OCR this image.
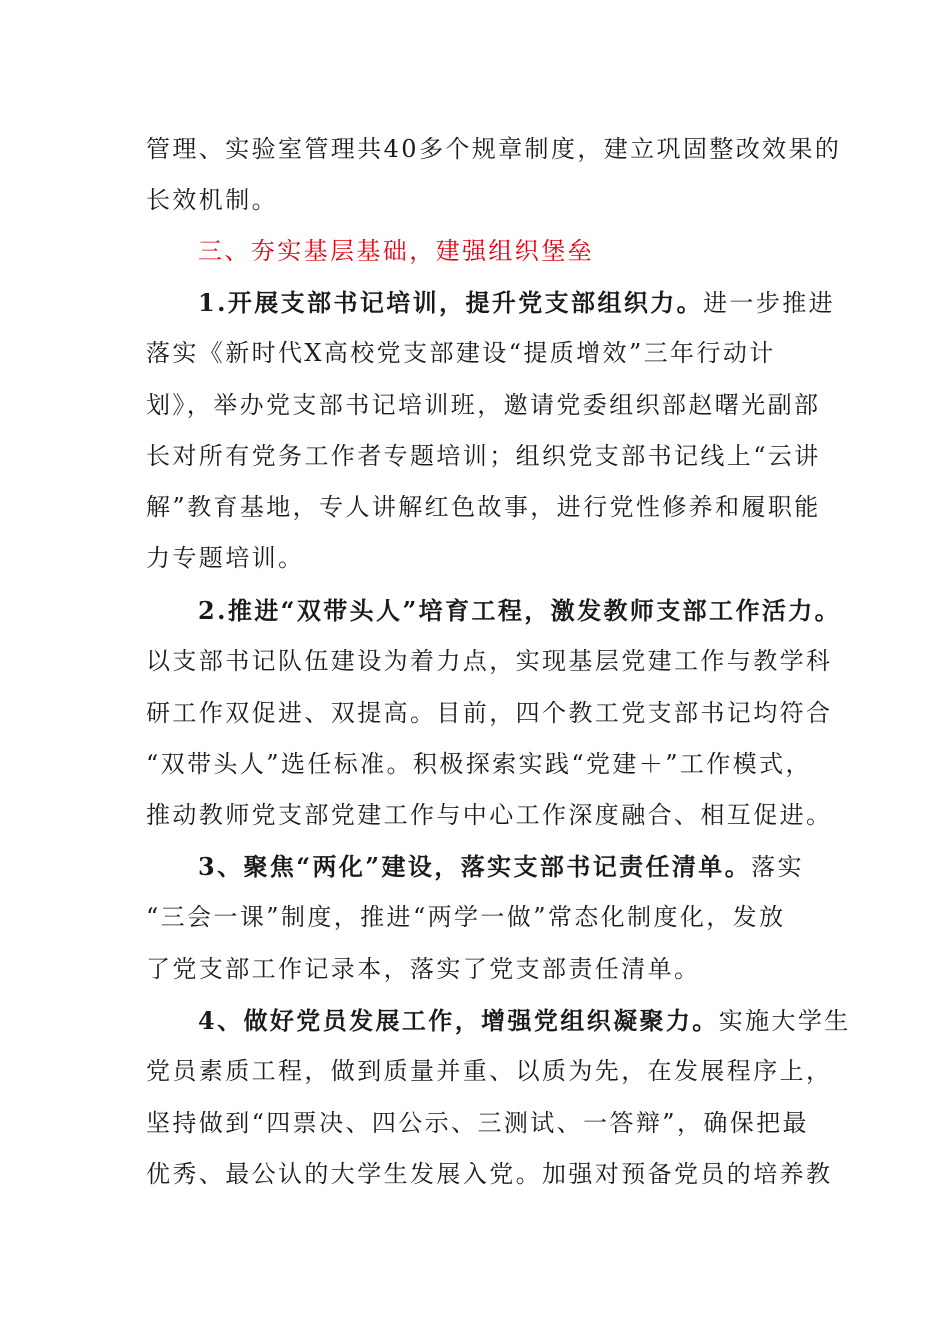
管理、实验室管理共40多个规章制度，建立巩固整改效果的
长效机制。
三、夯实基层基础，建强组织堡垒
1.开展支部书记培训，提升党支部组织力。进一步推进
落实《新时代X高校党支部建设“提质增效”三年行动计
划》，举办党支部书记培训班，邀请党委组织部赵曙光副部
长对所有党务工作者专题培训；组织党支部书记线上“云讲
解”教育基地，专人讲解红色故事，进行党性修养和履职能
力专题培训。
2.推进“双带头人”培育工程，激发教师支部工作活力。
以支部书记队伍建设为着力点，实现基层党建工作与教学科
研工作双促进、双提高。目前，四个教工党支部书记均符合
“双带头人”选任标准。积极探索实践“党建＋”工作模式，
推动教师党支部党建工作与中心工作深度融合、相互促进。
3、聚焦“两化”建设，落实支部书记责任清单。落实
“三会一课”制度，推进“两学一做”常态化制度化，发放
了党支部工作记录本，落实了党支部责任清单。
4、做好党员发展工作，增强党组织凝聚力。实施大学生
党员素质工程，做到质量并重、以质为先，在发展程序上，
坚持做到“四票决、四公示、三测试、一答辩”，确保把最
优秀、最公认的大学生发展入党。加强对预备党员的培养教
